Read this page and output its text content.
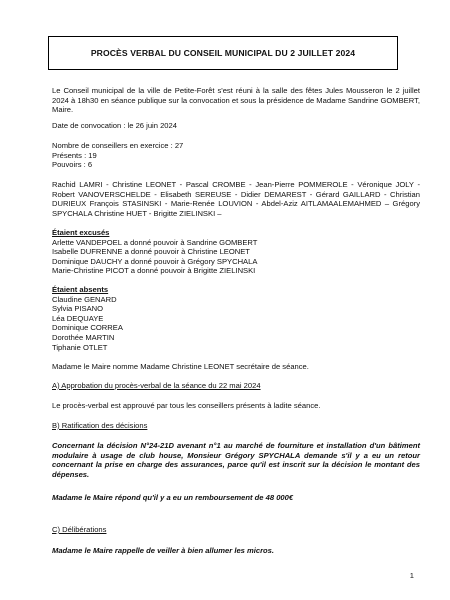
PROCÈS VERBAL DU CONSEIL MUNICIPAL DU 2 JUILLET 2024

Le Conseil municipal de la ville de Petite-Forêt s'est réuni à la salle des fêtes Jules Mousseron le 2 juillet 2024 à 18h30 en séance publique sur la convocation et sous la présidence de Madame Sandrine GOMBERT, Maire.

Date de convocation : le 26 juin 2024

Nombre de conseillers en exercice : 27
Présents : 19
Pouvoirs : 6

Rachid LAMRI - Christine LEONET - Pascal CROMBE - Jean-Pierre POMMEROLE - Véronique JOLY - Robert VANOVERSCHELDE - Elisabeth SEREUSE - Didier DEMAREST - Gérard GAILLARD - Christian DURIEUX François STASINSKI - Marie-Renée LOUVION - Abdel-Aziz AITLAMAALEMAHMED – Grégory SPYCHALA Christine HUET - Brigitte ZIELINSKI –

Étaient excusés
Arlette VANDEPOEL a donné pouvoir à Sandrine GOMBERT
Isabelle DUFRENNE a donné pouvoir à Christine LEONET
Dominique DAUCHY a donné pouvoir à Grégory SPYCHALA
Marie-Christine PICOT a donné pouvoir à Brigitte ZIELINSKI
Étaient absents
Claudine GENARD
Sylvia PISANO
Léa DEQUAYE
Dominique CORREA
Dorothée MARTIN
Tiphanie OTLET

Madame le Maire nomme Madame Christine LEONET secrétaire de séance.

A) Approbation du procès-verbal de la séance du 22 mai 2024

Le procès-verbal est approuvé par tous les conseillers présents à ladite séance.

B) Ratification des décisions

Concernant la décision N°24-21D avenant n°1 au marché de fourniture et installation d'un bâtiment modulaire à usage de club house, Monsieur Grégory SPYCHALA demande s'il y a eu un retour concernant la prise en charge des assurances, parce qu'il est inscrit sur la décision le montant des dépenses.

Madame le Maire répond qu'il y a eu un remboursement de 48 000€

C) Délibérations

Madame le Maire rappelle de veiller à bien allumer les micros.

1
